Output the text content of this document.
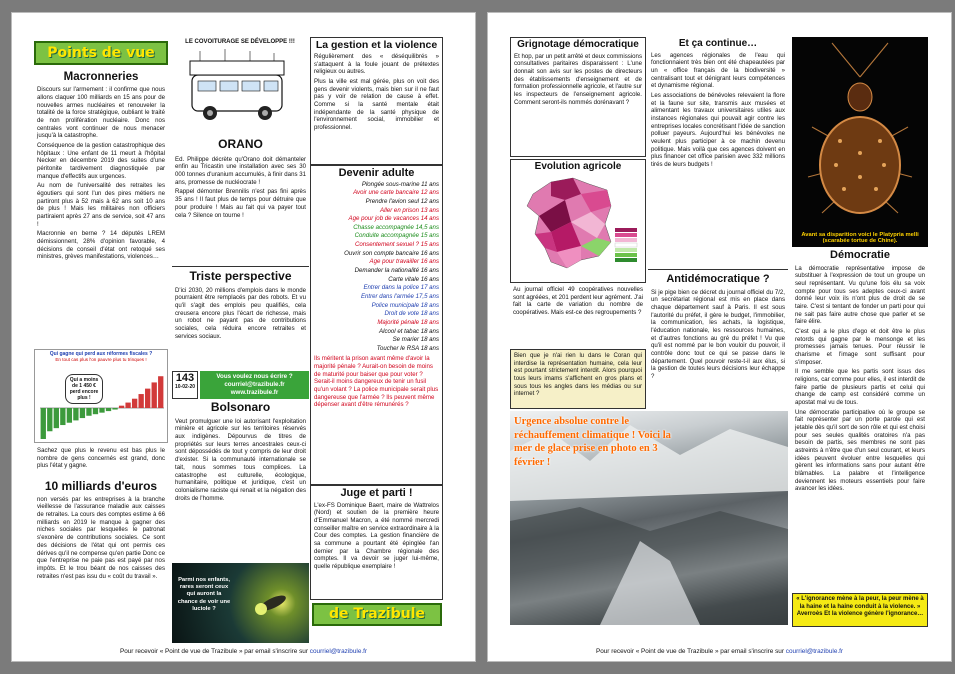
Points de vue
Macronneries

Discours sur l'armement : il confirme que nous allons claquer 100 milliards en 15 ans pour de nouvelles armes nucléaires et renouveler la totalité de la force stratégique, oubliant le traité de non prolifération nucléaire. Donc nos centrales vont continuer de nous menacer jusqu'à la catastrophe.

Conséquence de la gestion catastrophique des hôpitaux : Une enfant de 11 meurt à l'hôpital Necker en décembre 2019 des suites d'une péritonite tardivement diagnostiquée par manque d'effectifs aux urgences.

Au nom de l'universalité des retraites les égoutiers qui sont l'un des pires métiers ne partiront plus à 52 mais à 62 ans soit 10 ans de plus ! Mais les militaires non officiers partiraient après 27 ans de service, soit 47 ans !

Macronnie en berne ? 14 députés LREM démissionnent, 28% d'opinion favorable, 4 décisions de conseil d'état ont retoqué ses ministres, grèves manifestations, violences…

Qui gagne qui perd aux réformes fiscales ?
En tout cas plus l'on pauvre plus tu trinques !
Qui a moins de 1 450 € perd encore plus !

Sachez que plus le revenu est bas plus le nombre de gens concernés est grand, donc plus l'état y gagne.

10 milliards d'euros

non versés par les entreprises à la branche vieillesse de l'assurance maladie aux caisses de retraites. La cours des comptes estime à 66 milliards en 2019 le manque à gagner des niches sociales par lesquelles le patronat s'exonère de contributions sociales. Ce sont des décisions de l'état qui ont permis ces dérives qu'il ne compense qu'en partie Donc ce que l'entreprise ne paie pas est payé par nos impôts. Et le trou béant de nos caisses des retraites n'est pas issu du « coût du travail ».

LE COVOITURAGE SE DÉVELOPPE !!!
ORANO

Ed. Philippe décrète qu'Orano doit démanteler enfin au Tricastin une installation avec ses 30 000 tonnes d'uranium accumulés, à finir dans 31 ans, promesse de nucléocrate !

Rappel démonter Brennilis n'est pas fini après 35 ans ! Il faut plus de temps pour détruire que pour produire ! Mais au fait qui va payer tout cela ? Silence on tourne !

Triste perspective

D'ici 2030, 20 millions d'emplois dans le monde pourraient être remplacés par des robots. Et vu qu'il s'agit des emplois peu qualifiés, cela creusera encore plus l'écart de richesse, mais un robot ne payant pas de contributions sociales, cela réduira encore retraites et services sociaux.

143
10-02-20
Vous voulez nous écrire ?
courriel@trazibule.fr
www.trazibule.fr
Bolsonaro

Veut promulguer une loi autorisant l'exploitation minière et agricole sur les territoires réservés aux indigènes. Dépourvus de titres de propriétés sur leurs terres ancestrales ceux-ci sont dépossédés de tout y compris de leur droit d'exister. Si la communauté internationale se tait, nous sommes tous complices. La catastrophe est culturelle, écologique, humanitaire, politique et juridique, c'est un colonialisme raciste qui renait et la négation des droits de l'homme.

Parmi nos enfants, rares seront ceux qui auront la chance de voir une luciole ?
La gestion et la violence

Régulièrement des « déséquilibrés » s'attaquent à la foule jouant de prétextes religieux ou autres.

Plus la ville est mal gérée, plus on voit des gens devenir violents, mais bien sur il ne faut pas y voir de relation de cause à effet. Comme si la santé mentale était indépendante de la santé physique de l'environnement social, immobilier et professionnel.

Devenir adulte
Plongée sous-marine 11 ans
Avoir une carte bancaire 12 ans
Prendre l'avion seul 12 ans
Aller en prison 13 ans
Age pour job de vacances 14 ans
Chasse accompagnée 14,5 ans
Conduite accompagnée 15 ans
Consentement sexuel ? 15 ans
Ouvrir son compte bancaire 16 ans
Age pour travailler 16 ans
Demander la nationalité 16 ans
Carte vitale 16 ans
Entrer dans la police 17 ans
Entrer dans l'armée 17,5 ans
Police municipale 18 ans
Droit de vote 18 ans
Majorité pénale 18 ans
Alcool et tabac 18 ans
Se marier 18 ans
Toucher le RSA 18 ans

Ils méritent la prison avant même d'avoir la majorité pénale ? Aurait-on besoin de moins de maturité pour baiser que pour voter ? Serait-il moins dangereux de tenir un fusil qu'un volant ? La police municipale serait plus dangereuse que l'armée ? Ils peuvent même dépenser avant d'être rémunérés ?

Juge et parti !

L'ex-FS Dominique Baert, maire de Wattrelos (Nord) et soutien de la première heure d'Emmanuel Macron, a été nommé mercredi conseiller maître en service extraordinaire à la Cour des comptes. La gestion financière de sa commune a pourtant été épinglée l'an dernier par la Chambre régionale des comptes. Il va devoir se juger lui-même, quelle république exemplaire !

de Trazibule
Pour recevoir « Point de vue de Trazibule » par email s'inscrire sur courriel@trazibule.fr
Grignotage démocratique

Et hop, par un petit arrêté et deux commissions consultatives paritaires disparaissent : L'une donnait son avis sur les postes de directeurs des établissements d'enseignement et de formation professionnelle agricole, et l'autre sur les inspecteurs de l'enseignement agricole. Comment seront-ils nommés dorénavant ?

Evolution agricole

Au journal officiel 49 coopératives nouvelles sont agréées, et 201 perdent leur agrément. J'ai fait la carte de variation du nombre de coopératives. Mais est-ce des regroupements ?

Bien que je n'ai rien lu dans le Coran qui interdise la représentation humaine, cela leur est pourtant strictement interdit. Alors pourquoi tous leurs imams s'affichent en gros plans et sous tous les angles dans les médias ou sur internet ?

Et ça continue…

Les agences régionales de l'eau qui fonctionnaient très bien ont été chapeautées par un « office français de la biodiversité » centralisant tout et dénigrant leurs compétences et dynamisme régional.

Les associations de bénévoles relevaient la flore et la faune sur site, transmis aux musées et alimentant les travaux universitaires utiles aux instances régionales qui pouvait agir contre les entreprises locales concrétisant l'idée de sanction polluer payeurs. Aujourd'hui les bénévoles ne veulent plus participer à ce machin devenu politique. Mais voilà que ces agences doivent en plus financer cet office parisien avec 332 millions tirés de leurs budgets !

Antidémocratique ?

Si je pige bien ce décret du journal officiel du 7/2, un secrétariat régional est mis en place dans chaque département sauf à Paris. Il est sous l'autorité du préfet, il gère le budget, l'immobilier, la communication, les achats, la logistique, l'éducation nationale, les ressources humaines, et d'autres fonctions au gré du préfet ! Vu que qu'il est nommé par le bon vouloir du pouvoir, il contrôle donc tout ce qui se passe dans le département. Quel pouvoir reste-t-il aux élus, si la gestion de toutes leurs décisions leur échappe ?

Urgence absolue contre le réchauffement climatique ! Voici la mer de glace prise en photo en 3 février !
Avant sa disparition voici le Platypria melli (scarabée tortue de Chine).
Démocratie

La démocratie représentative impose de substituer à l'expression de tout un groupe un seul représentant. Vu qu'une fois élu sa voix compte pour tous ses adeptes ceux-ci avant donné leur voix ils n'ont plus de droit de se taire. C'est si tentant de fonder un parti pour qui ne sait pas faire autre chose que parler et se faire élire.

C'est qui a le plus d'ego et doit être le plus retords qui gagne par le mensonge et les promesses jamais tenues. Pour réussir le charisme et l'image sont suffisant pour s'imposer.

Il me semble que les partis sont issus des religions, car comme pour elles, il est interdit de faire partie de plusieurs partis et celui qui change de camp est considéré comme un apostat mal vu de tous.

Une démocratie participative où le groupe se fait représenter par un porte parole qui est jetable dès qu'il sort de son rôle et qui est choisi pour ses seules qualités oratoires n'a pas besoin de partis, ses membres ne sont pas astreints à n'être que d'un seul courant, et leurs idées peuvent évoluer entre lesquelles qui gèrent les informations sans pour autant être blâmables. La palabre et l'intelligence deviennent les moteurs essentiels pour faire avancer les idées.

« L'ignorance mène à la peur, la peur mène à la haine et la haine conduit à la violence. » Averroès Et la violence génère l'ignorance…
Pour recevoir « Point de vue de Trazibule » par email s'inscrire sur courriel@trazibule.fr
